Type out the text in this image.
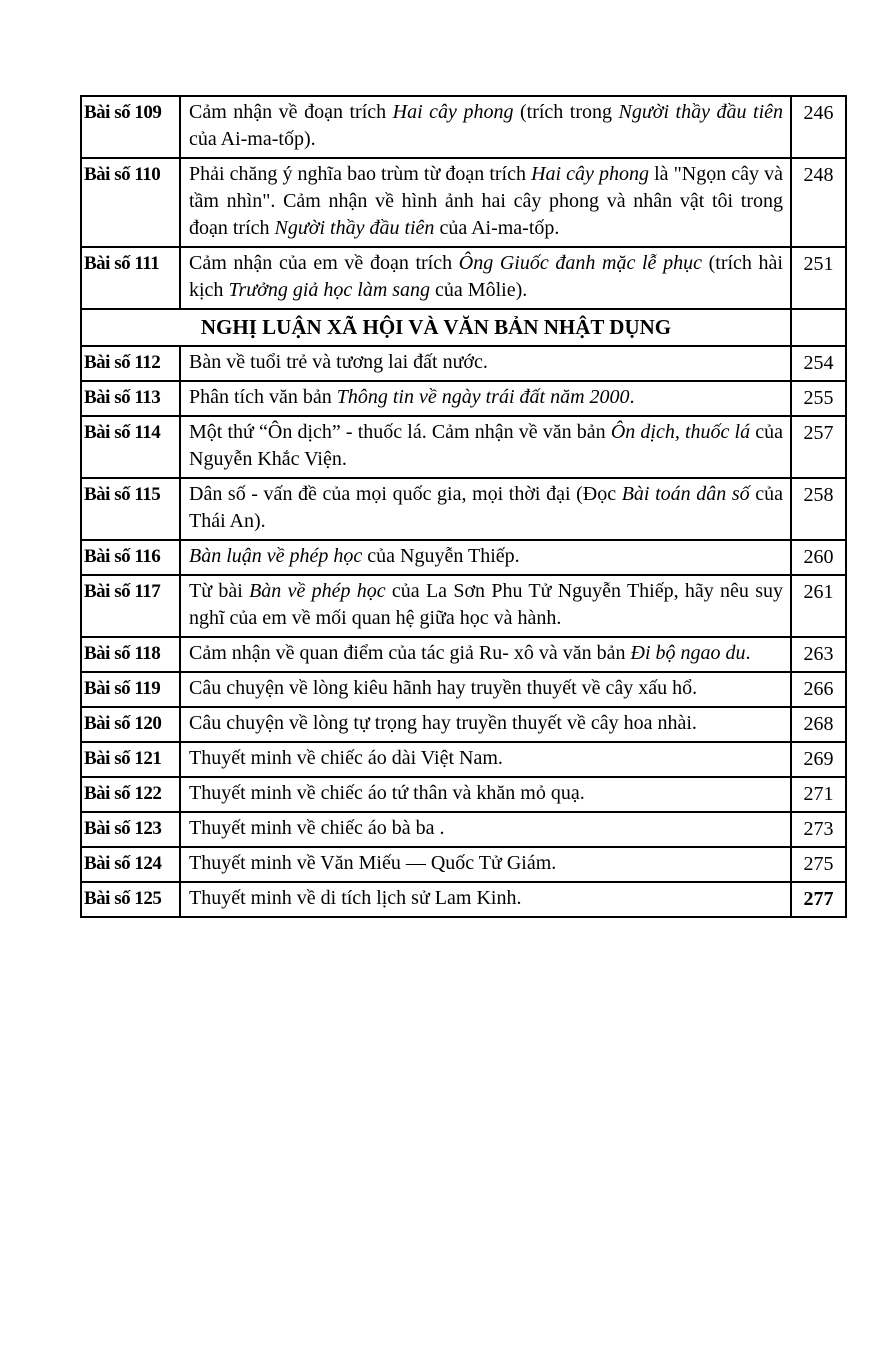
Bài số 109	Cảm nhận về đoạn trích Hai cây phong (trích trong Người thầy đầu tiên của Ai-ma-tốp).	246
Bài số 110	Phải chăng ý nghĩa bao trùm từ đoạn trích Hai cây phong là "Ngọn cây và tầm nhìn". Cảm nhận về hình ảnh hai cây phong và nhân vật tôi trong đoạn trích Người thầy đầu tiên của Ai-ma-tốp.	248
Bài số 111	Cảm nhận của em về đoạn trích Ông Giuốc đanh mặc lễ phục (trích hài kịch Trưởng giả học làm sang của Môlie).	251
NGHỊ LUẬN XÃ HỘI VÀ VĂN BẢN NHẬT DỤNG		
Bài số 112	Bàn về tuổi trẻ và tương lai đất nước.	254
Bài số 113	Phân tích văn bản Thông tin về ngày trái đất năm 2000.	255
Bài số 114	Một thứ “Ôn dịch” - thuốc lá. Cảm nhận về văn bản Ôn dịch, thuốc lá của Nguyễn Khắc Viện.	257
Bài số 115	Dân số - vấn đề của mọi quốc gia, mọi thời đại (Đọc Bài toán dân số của Thái An).	258
Bài số 116	Bàn luận về phép học của Nguyễn Thiếp.	260
Bài số 117	Từ bài Bàn về phép học của La Sơn Phu Tử Nguyễn Thiếp, hãy nêu suy nghĩ của em về mối quan hệ giữa học và hành.	261
Bài số 118	Cảm nhận về quan điểm của tác giả Ru- xô và văn bản Đi bộ ngao du.	263
Bài số 119	Câu chuyện về lòng kiêu hãnh hay truyền thuyết về cây xấu hổ.	266
Bài số 120	Câu chuyện về lòng tự trọng hay truyền thuyết về cây hoa nhài.	268
Bài số 121	Thuyết minh về chiếc áo dài Việt Nam.	269
Bài số 122	Thuyết minh về chiếc áo tứ thân và khăn mỏ quạ.	271
Bài số 123	Thuyết minh về chiếc áo bà ba .	273
Bài số 124	Thuyết minh về Văn Miếu — Quốc Tử Giám.	275
Bài số 125	Thuyết minh về di tích lịch sử Lam Kinh.	277
